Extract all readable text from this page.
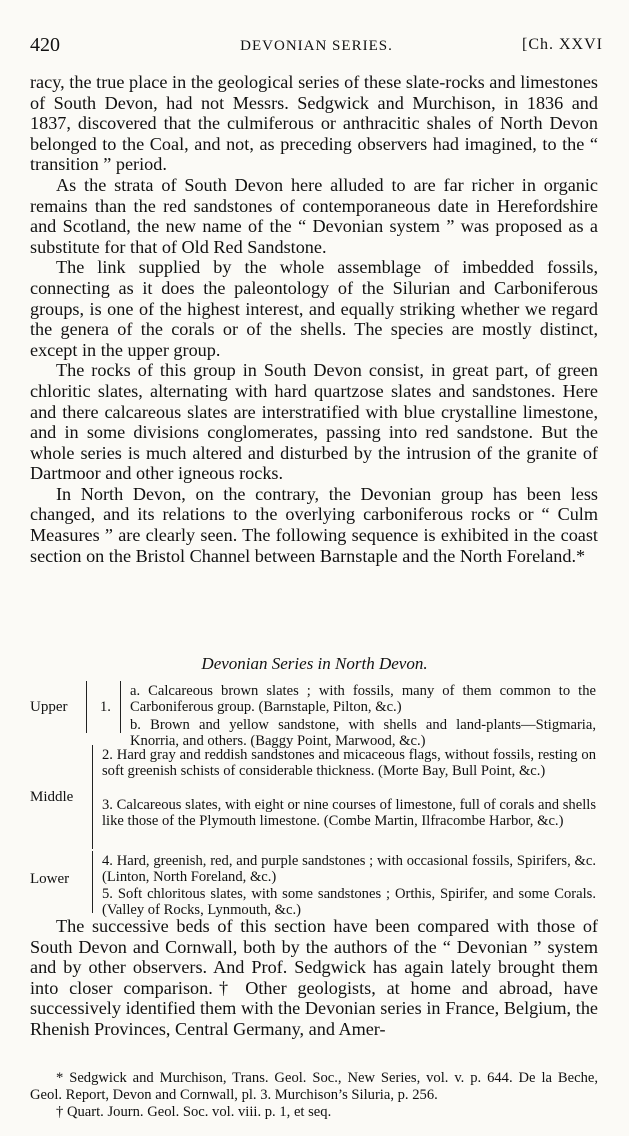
420	DEVONIAN SERIES.	[Ch. XXVI

racy, the true place in the geological series of these slate-rocks and limestones of South Devon, had not Messrs. Sedgwick and Murchison, in 1836 and 1837, discovered that the culmiferous or anthracitic shales of North Devon belonged to the Coal, and not, as preceding observers had imagined, to the “ transition ” period.

As the strata of South Devon here alluded to are far richer in organic remains than the red sandstones of contemporaneous date in Herefordshire and Scotland, the new name of the “ Devonian system ” was proposed as a substitute for that of Old Red Sandstone.

The link supplied by the whole assemblage of imbedded fossils, connecting as it does the paleontology of the Silurian and Carboniferous groups, is one of the highest interest, and equally striking whether we regard the genera of the corals or of the shells. The species are mostly distinct, except in the upper group.

The rocks of this group in South Devon consist, in great part, of green chloritic slates, alternating with hard quartzose slates and sandstones. Here and there calcareous slates are interstratified with blue crystalline limestone, and in some divisions conglomerates, passing into red sandstone. But the whole series is much altered and disturbed by the intrusion of the granite of Dartmoor and other igneous rocks.

In North Devon, on the contrary, the Devonian group has been less changed, and its relations to the overlying carboniferous rocks or “ Culm Measures ” are clearly seen. The following sequence is exhibited in the coast section on the Bristol Channel between Barnstaple and the North Foreland.*

Devonian Series in North Devon.
Upper 1.
a. Calcareous brown slates ; with fossils, many of them common to the Carboniferous group. (Barnstaple, Pilton, &c.)
b. Brown and yellow sandstone, with shells and land-plants—Stigmaria, Knorria, and others. (Baggy Point, Marwood, &c.)
Middle
2. Hard gray and reddish sandstones and micaceous flags, without fossils, resting on soft greenish schists of considerable thickness. (Morte Bay, Bull Point, &c.)
3. Calcareous slates, with eight or nine courses of limestone, full of corals and shells like those of the Plymouth limestone. (Combe Martin, Ilfracombe Harbor, &c.)
Lower
4. Hard, greenish, red, and purple sandstones ; with occasional fossils, Spirifers, &c. (Linton, North Foreland, &c.)
5. Soft chloritous slates, with some sandstones ; Orthis, Spirifer, and some Corals. (Valley of Rocks, Lynmouth, &c.)

The successive beds of this section have been compared with those of South Devon and Cornwall, both by the authors of the “ Devonian ” system and by other observers. And Prof. Sedgwick has again lately brought them into closer comparison.† Other geologists, at home and abroad, have successively identified them with the Devonian series in France, Belgium, the Rhenish Provinces, Central Germany, and Amer-

* Sedgwick and Murchison, Trans. Geol. Soc., New Series, vol. v. p. 644. De la Beche, Geol. Report, Devon and Cornwall, pl. 3. Murchison’s Siluria, p. 256.

† Quart. Journ. Geol. Soc. vol. viii. p. 1, et seq.
